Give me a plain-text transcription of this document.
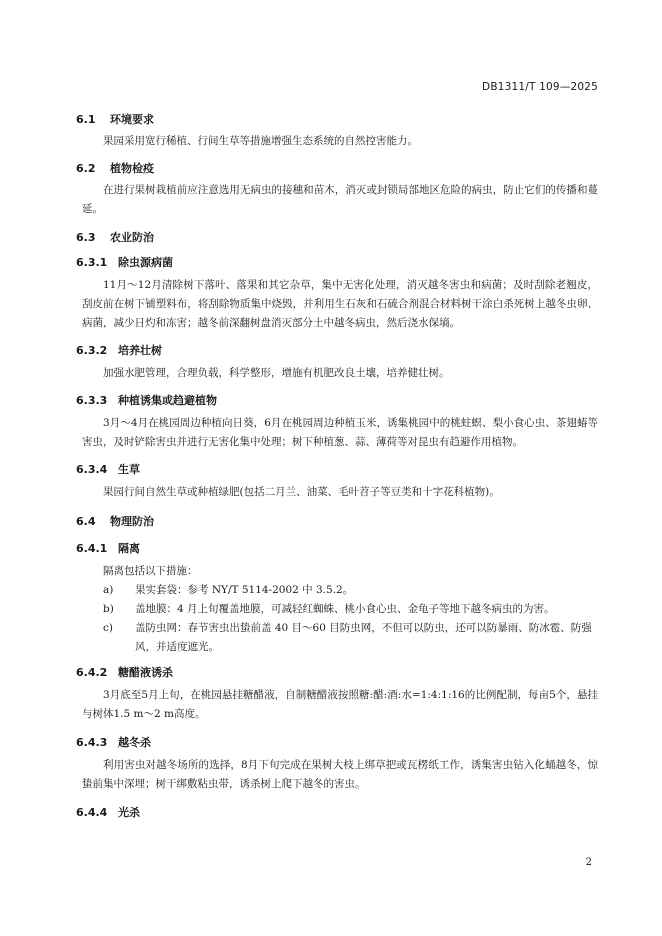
DB1311/T 109—2025
6.1 环境要求
果园采用宽行稀植、行间生草等措施增强生态系统的自然控害能力。
6.2 植物检疫
在进行果树栽植前应注意选用无病虫的接穗和苗木，消灭或封锁局部地区危险的病虫，防止它们的传播和蔓延。
6.3 农业防治
6.3.1 除虫源病菌
11月～12月清除树下落叶、落果和其它杂草，集中无害化处理，消灭越冬害虫和病菌；及时刮除老翘皮，刮皮前在树下铺塑料布，将刮除物质集中烧毁，并利用生石灰和石硫合剂混合材料树干涂白杀死树上越冬虫卵、病菌，减少日灼和冻害；越冬前深翻树盘消灭部分土中越冬病虫，然后浇水保墒。
6.3.2 培养壮树
加强水肥管理，合理负载，科学整形，增施有机肥改良土壤，培养健壮树。
6.3.3 种植诱集或趋避植物
3月～4月在桃园周边种植向日葵，6月在桃园周边种植玉米，诱集桃园中的桃蛀螟、梨小食心虫、茶翅蝽等害虫，及时铲除害虫并进行无害化集中处理；树下种植葱、蒜、薄荷等对昆虫有趋避作用植物。
6.3.4 生草
果园行间自然生草或种植绿肥(包括二月兰、油菜、毛叶苕子等豆类和十字花科植物)。
6.4 物理防治
6.4.1 隔离
隔离包括以下措施：
a)	果实套袋：参考 NY/T 5114-2002 中 3.5.2。
b)	盖地膜：4 月上旬覆盖地膜，可减轻红蜘蛛、桃小食心虫、金龟子等地下越冬病虫的为害。
c)	盖防虫网：春节害虫出蛰前盖 40 目～60 目防虫网，不但可以防虫，还可以防暴雨、防冰雹、防强风，并适度遮光。
6.4.2 糖醋液诱杀
3月底至5月上旬，在桃园悬挂糖醋液，自制糖醋液按照糖:醋:酒:水=1:4:1:16的比例配制，每亩5个，悬挂与树体1.5 m～2 m高度。
6.4.3 越冬杀
利用害虫对越冬场所的选择，8月下旬完成在果树大枝上绑草把或瓦楞纸工作，诱集害虫钻入化蛹越冬，惊蛰前集中深埋；树干绑敷粘虫带，诱杀树上爬下越冬的害虫。
6.4.4 光杀
2
